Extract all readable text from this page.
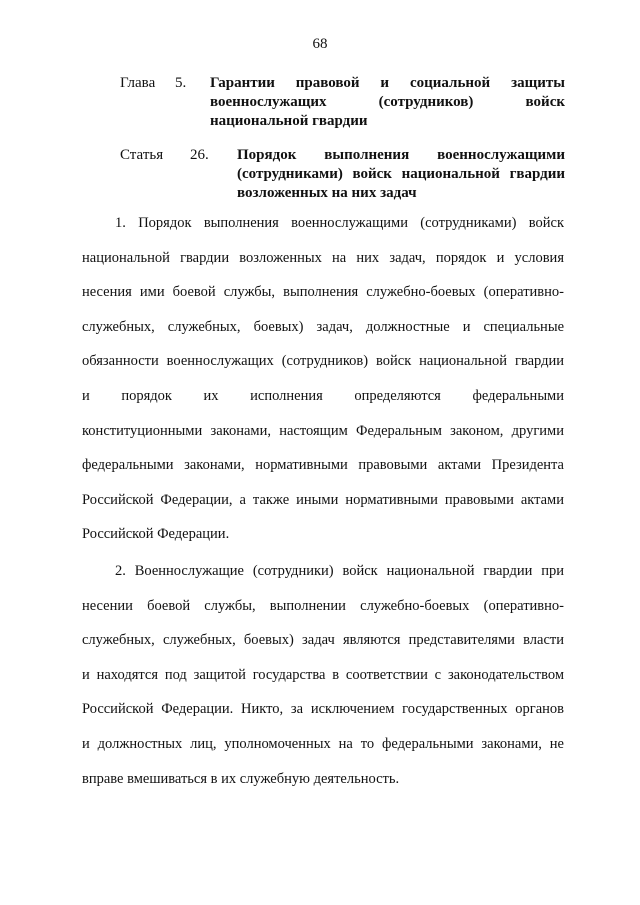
68
Глава	5.	Гарантии правовой и социальной защиты
военнослужащих (сотрудников) войск
национальной гвардии
Статья	26.	Порядок выполнения военнослужащими
(сотрудниками) войск национальной гвардии
возложенных на них задач
1. Порядок выполнения военнослужащими (сотрудниками) войск
национальной гвардии возложенных на них задач, порядок и условия
несения ими боевой службы, выполнения служебно-боевых (оперативно-
служебных, служебных, боевых) задач, должностные и специальные
обязанности военнослужащих (сотрудников) войск национальной гвардии
и порядок их исполнения определяются федеральными
конституционными законами, настоящим Федеральным законом, другими
федеральными законами, нормативными правовыми актами Президента
Российской Федерации, а также иными нормативными правовыми актами
Российской Федерации.
2. Военнослужащие (сотрудники) войск национальной гвардии при
несении боевой службы, выполнении служебно-боевых (оперативно-
служебных, служебных, боевых) задач являются представителями власти
и находятся под защитой государства в соответствии с законодательством
Российской Федерации. Никто, за исключением государственных органов
и должностных лиц, уполномоченных на то федеральными законами, не
вправе вмешиваться в их служебную деятельность.
